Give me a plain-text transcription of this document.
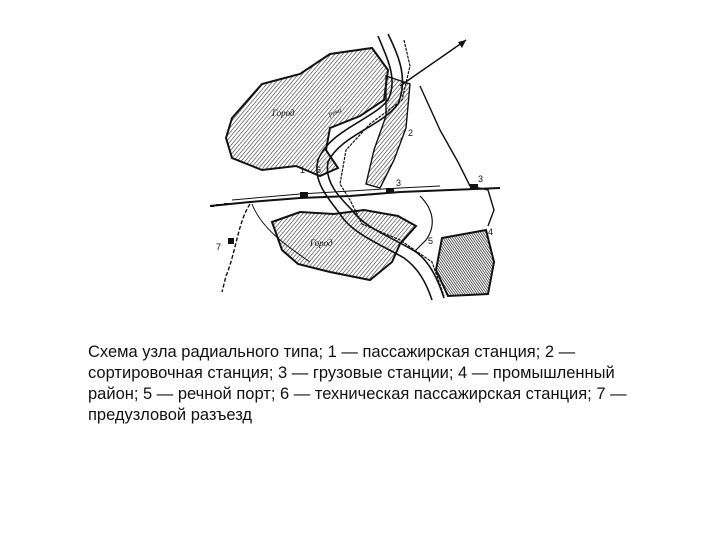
Город
Город
Река
1 6
2
3	3
4
5
7

Схема узла радиального типа; 1 — пассажирская станция; 2 — сортировочная станция; 3 — грузовые станции; 4 — промышленный район; 5 — речной порт; 6 — техническая пассажирская станция; 7 — предузловой разъезд
